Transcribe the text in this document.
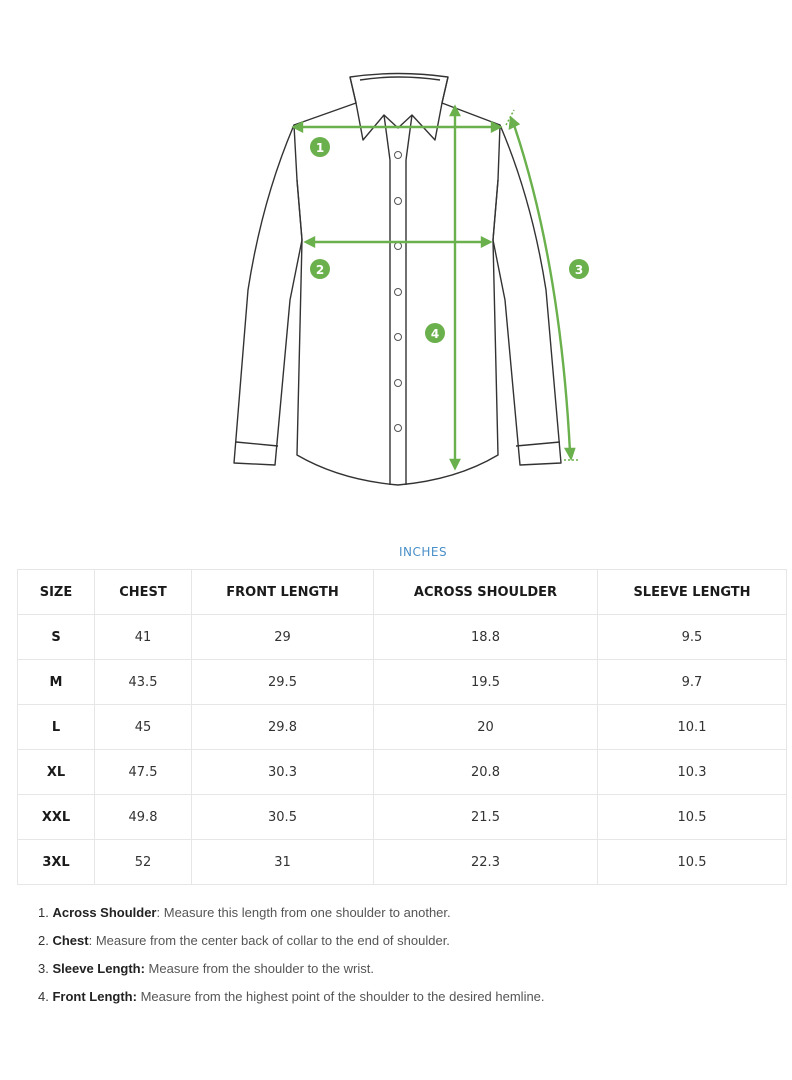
1
2	3
4
INCHES
SIZE	CHEST	FRONT LENGTH	ACROSS SHOULDER	SLEEVE LENGTH
S	41	29	18.8	9.5
M	43.5	29.5	19.5	9.7
L	45	29.8	20	10.1
XL	47.5	30.3	20.8	10.3
XXL	49.8	30.5	21.5	10.5
3XL	52	31	22.3	10.5
1. Across Shoulder: Measure this length from one shoulder to another.
2. Chest: Measure from the center back of collar to the end of shoulder.
3. Sleeve Length: Measure from the shoulder to the wrist.
4. Front Length: Measure from the highest point of the shoulder to the desired hemline.
